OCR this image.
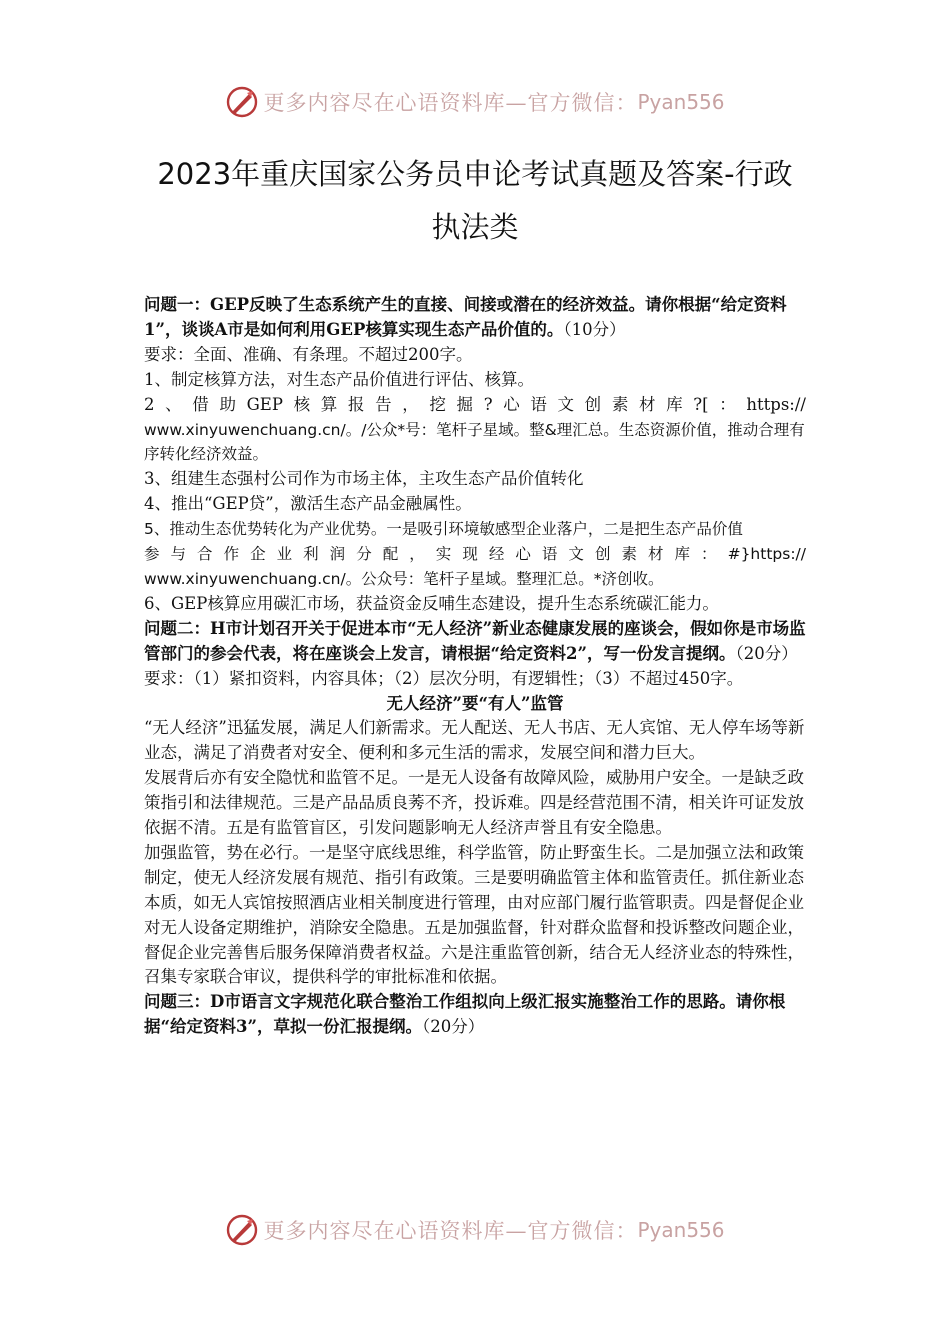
更多内容尽在心语资料库—官方微信： Pyan556
2023年重庆国家公务员申论考试真题及答案-行政
执法类

问题一：GEP反映了生态系统产生的直接、间接或潜在的经济效益。请你根据“给定资料1”，谈谈A市是如何利用GEP核算实现生态产品价值的。（10分）

要求：全面、准确、有条理。不超过200字。

1、制定核算方法，对生态产品价值进行评估、核算。

2、借助GEP核算报告，挖掘?心语文创素材库?[：https://

www.xinyuwenchuang.cn/。/公众*号：笔杆子星域。整&理汇总。生态资源价值，推动合理有序转化经济效益。

3、组建生态强村公司作为市场主体，主攻生态产品价值转化

4、推出“GEP贷”，激活生态产品金融属性。

5、推动生态优势转化为产业优势。一是吸引环境敏感型企业落户，二是把生态产品价值

参与合作企业利润分配，实现经心语文创素材库：#}https://

www.xinyuwenchuang.cn/。公众号：笔杆子星域。整理汇总。*济创收。

6、GEP核算应用碳汇市场，获益资金反哺生态建设，提升生态系统碳汇能力。

问题二：H市计划召开关于促进本市“无人经济”新业态健康发展的座谈会，假如你是市场监管部门的参会代表，将在座谈会上发言，请根据“给定资料2”，写一份发言提纲。（20分）

要求：（1）紧扣资料，内容具体；（2）层次分明，有逻辑性；（3）不超过450字。

无人经济”要“有人”监管

“无人经济”迅猛发展，满足人们新需求。无人配送、无人书店、无人宾馆、无人停车场等新业态，满足了消费者对安全、便利和多元生活的需求，发展空间和潜力巨大。

发展背后亦有安全隐忧和监管不足。一是无人设备有故障风险，威胁用户安全。一是缺乏政策指引和法律规范。三是产品品质良莠不齐，投诉难。四是经营范围不清，相关许可证发放依据不清。五是有监管盲区，引发问题影响无人经济声誉且有安全隐患。

加强监管，势在必行。一是坚守底线思维，科学监管，防止野蛮生长。二是加强立法和政策制定，使无人经济发展有规范、指引有政策。三是要明确监管主体和监管责任。抓住新业态本质，如无人宾馆按照酒店业相关制度进行管理，由对应部门履行监管职责。四是督促企业对无人设备定期维护，消除安全隐患。五是加强监督，针对群众监督和投诉整改问题企业，督促企业完善售后服务保障消费者权益。六是注重监管创新，结合无人经济业态的特殊性，召集专家联合审议，提供科学的审批标准和依据。

问题三：D市语言文字规范化联合整治工作组拟向上级汇报实施整治工作的思路。请你根据“给定资料3”，草拟一份汇报提纲。（20分）

更多内容尽在心语资料库—官方微信： Pyan556
